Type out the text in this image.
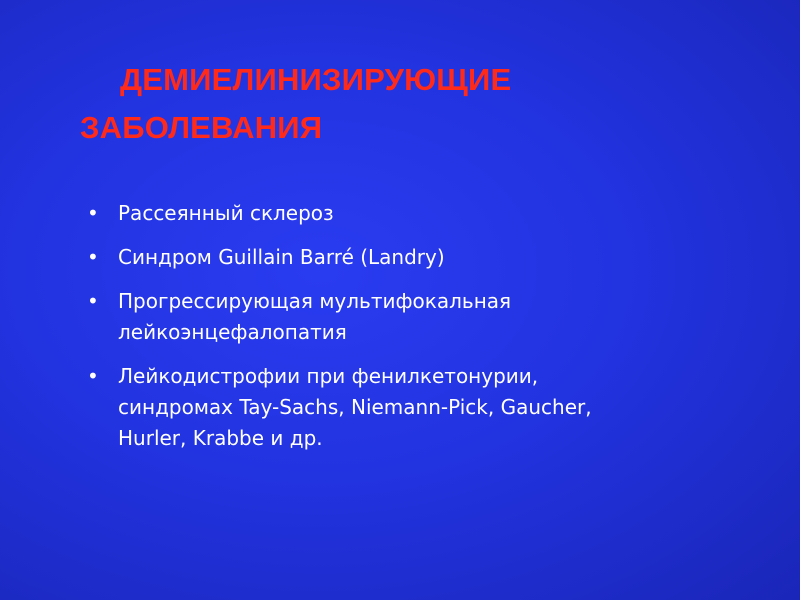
ДЕМИЕЛИНИЗИРУЮЩИЕ
ЗАБОЛЕВАНИЯ
• Рассеянный склероз
• Синдром Guillain Barré (Landry)
• Прогрессирующая мультифокальная
лейкоэнцефалопатия
• Лейкодистрофии при фенилкетонурии,
синдромах Tay-Sachs, Niemann-Pick, Gaucher,
Hurler, Krabbe и др.
